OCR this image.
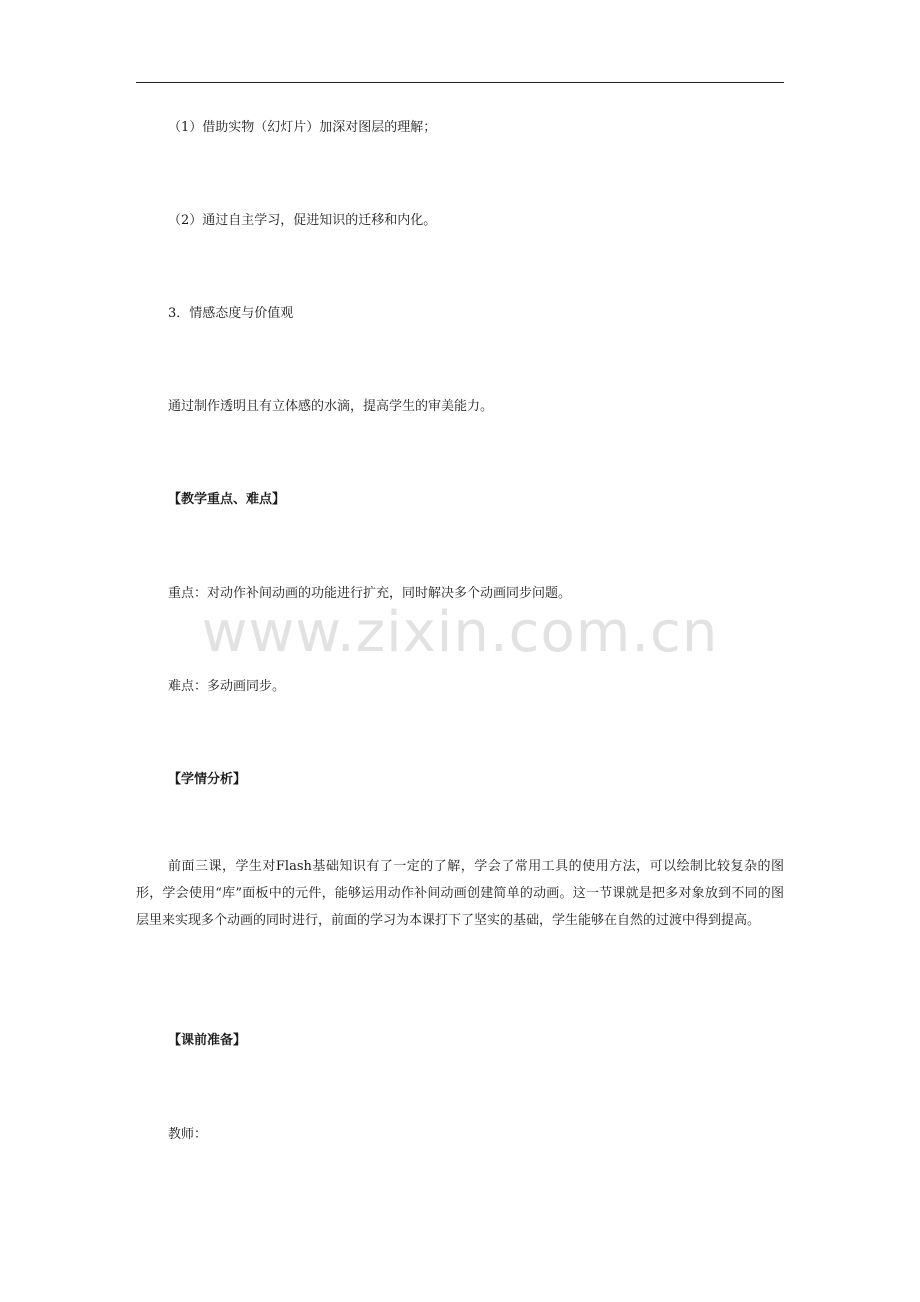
（1）借助实物（幻灯片）加深对图层的理解；
（2）通过自主学习，促进知识的迁移和内化。
3．情感态度与价值观
通过制作透明且有立体感的水滴，提高学生的审美能力。
【教学重点、难点】
重点：对动作补间动画的功能进行扩充，同时解决多个动画同步问题。
难点：多动画同步。
【学情分析】
前面三课，学生对Flash基础知识有了一定的了解，学会了常用工具的使用方法，可以绘制比较复杂的图形，学会使用“库”面板中的元件，能够运用动作补间动画创建简单的动画。这一节课就是把多对象放到不同的图层里来实现多个动画的同时进行，前面的学习为本课打下了坚实的基础，学生能够在自然的过渡中得到提高。
【课前准备】
教师：
www.zixin.com.cn
